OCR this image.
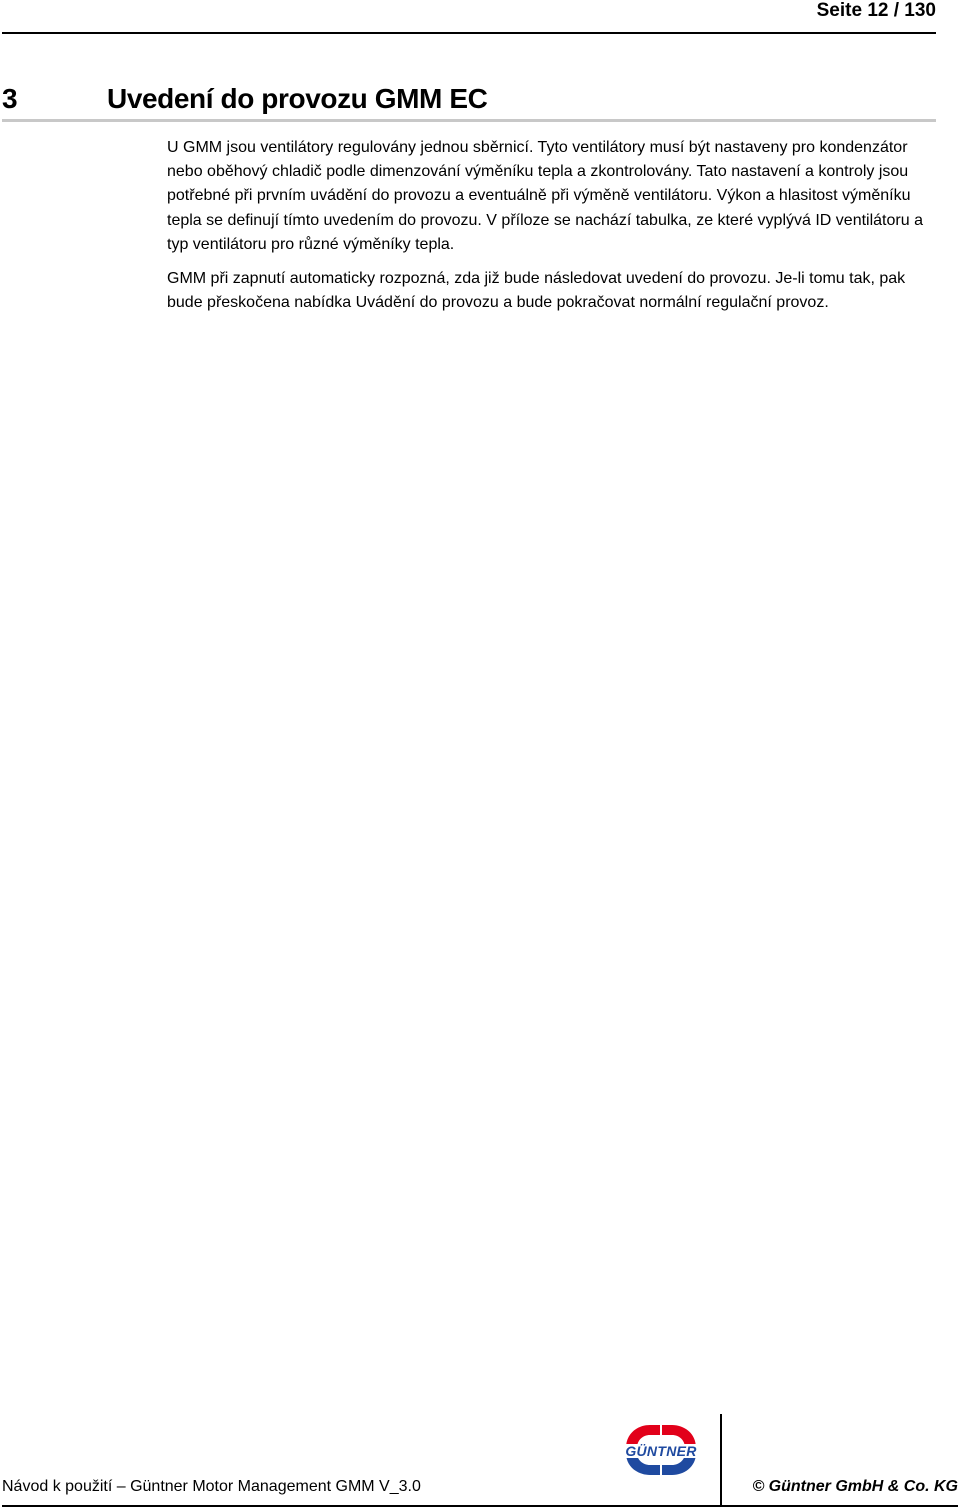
Seite 12 / 130
3	Uvedení do provozu GMM EC

U GMM jsou ventilátory regulovány jednou sběrnicí. Tyto ventilátory musí být nastaveny pro kondenzátor nebo oběhový chladič podle dimenzování výměníku tepla a zkontrolovány. Tato nastavení a kontroly jsou potřebné při prvním uvádění do provozu a eventuálně při výměně ventilátoru. Výkon a hlasitost výměníku tepla se definují tímto uvedením do provozu. V příloze se nachází tabulka, ze které vyplývá ID ventilátoru a typ ventilátoru pro různé výměníky tepla.

GMM při zapnutí automaticky rozpozná, zda již bude následovat uvedení do provozu. Je-li tomu tak, pak bude přeskočena nabídka Uvádění do provozu a bude pokračovat normální regulační provoz.

Návod k použití – Güntner Motor Management GMM V_3.0
GÜNTNER
© Güntner GmbH & Co. KG
